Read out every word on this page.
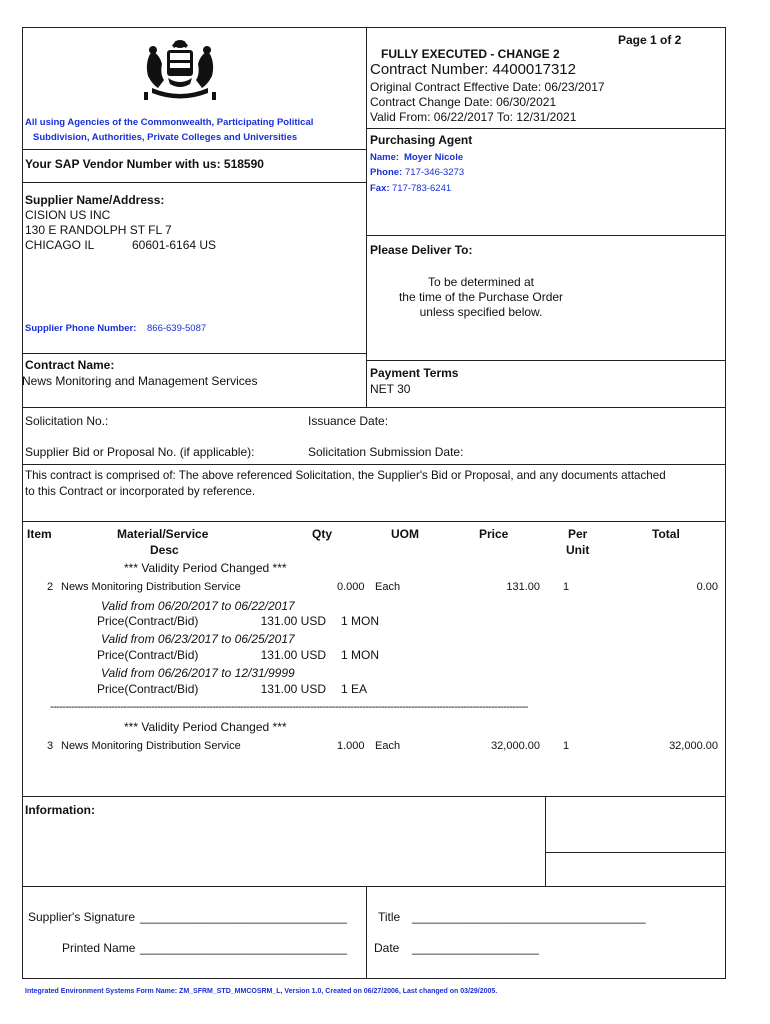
Page 1 of 2
FULLY EXECUTED - CHANGE 2
Contract Number: 4400017312
Original Contract Effective Date: 06/23/2017
Contract Change Date: 06/30/2021
Valid From: 06/22/2017 To: 12/31/2021
All using Agencies of the Commonwealth, Participating Political
Subdivision, Authorities, Private Colleges and Universities
Your SAP Vendor Number with us: 518590
Supplier Name/Address:
CISION US INC
130 E RANDOLPH ST FL 7
CHICAGO IL	60601-6164 US
Supplier Phone Number: 866-639-5087
Purchasing Agent
Name: Moyer Nicole
Phone: 717-346-3273
Fax: 717-783-6241
Please Deliver To:
To be determined at
the time of the Purchase Order
unless specified below.
Contract Name:
News Monitoring and Management Services
Payment Terms
NET 30
Solicitation No.:	Issuance Date:
Supplier Bid or Proposal No. (if applicable):	Solicitation Submission Date:
This contract is comprised of: The above referenced Solicitation, the Supplier's Bid or Proposal, and any documents attached
to this Contract or incorporated by reference.
Item	Material/Service
Desc
Qty	UOM	Price	Per
Unit
Total
*** Validity Period Changed ***
2 News Monitoring Distribution Service	0.000 Each	131.00 1	0.00
Valid from 06/20/2017 to 06/22/2017
Price(Contract/Bid)	131.00 USD 1 MON
Valid from 06/23/2017 to 06/25/2017
Price(Contract/Bid)	131.00 USD 1 MON
Valid from 06/26/2017 to 12/31/9999
Price(Contract/Bid)	131.00 USD 1 EA
------------------------------------------------------------------------------------------------------------------------------------------------------------
*** Validity Period Changed ***
3 News Monitoring Distribution Service	1.000 Each	32,000.00 1	32,000.00
Information:
Supplier's Signature _______________________________
Printed Name _______________________________
Title ___________________________________
Date ___________________
Integrated Environment Systems Form Name: ZM_SFRM_STD_MMCOSRM_L, Version 1.0, Created on 06/27/2006, Last changed on 03/29/2005.
